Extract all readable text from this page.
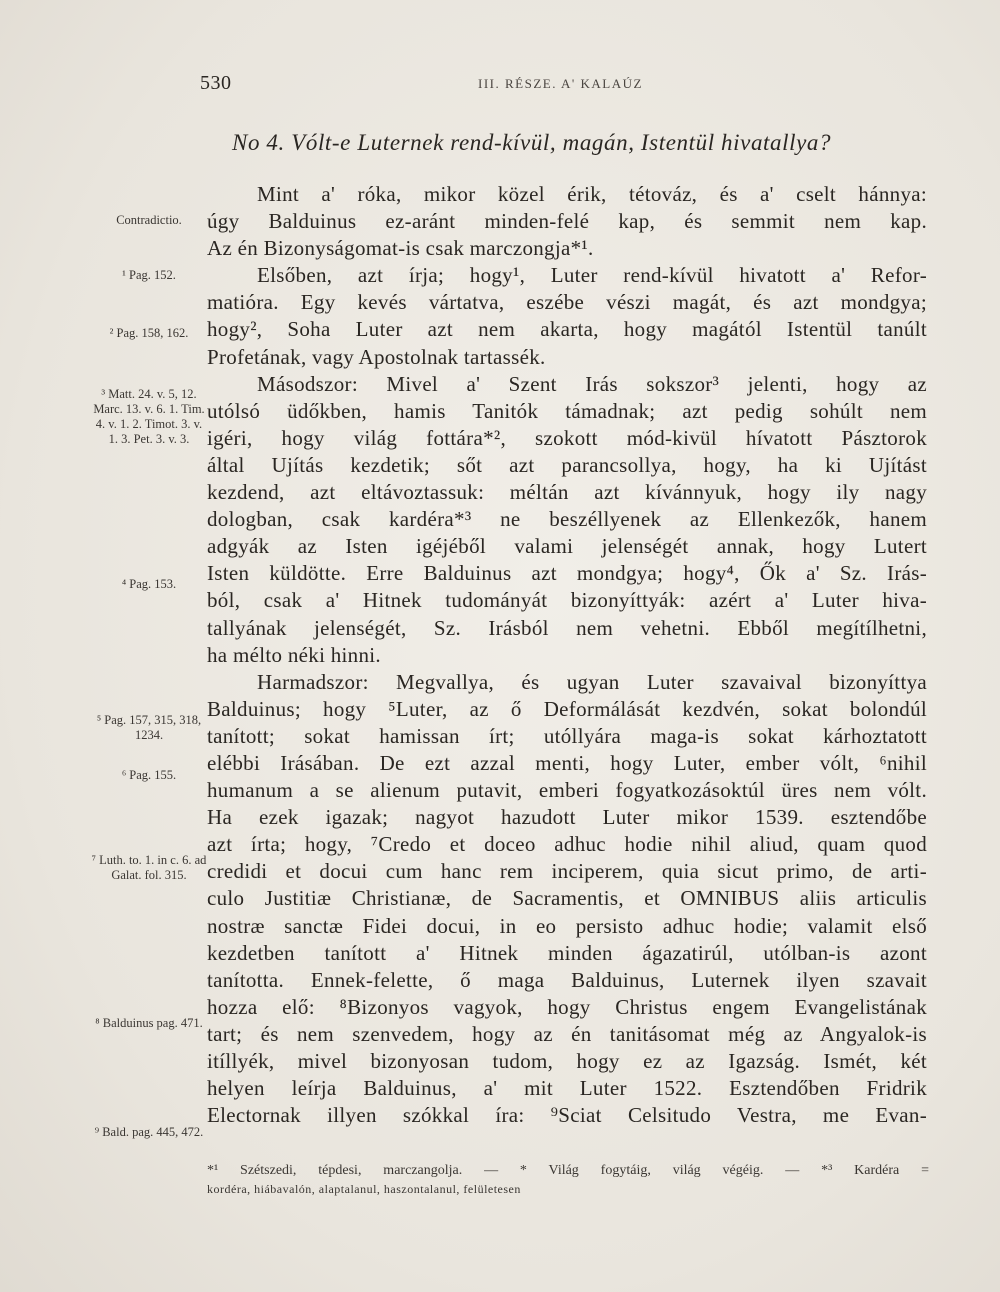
530	III. RÉSZE. A' KALAÚZ
No 4. Vólt-e Luternek rend-kívül, magán, Istentül hivatallya?
Contradictio.
¹ Pag. 152.
² Pag. 158, 162.
³ Matt. 24. v. 5, 12. Marc. 13. v. 6. 1. Tim. 4. v. 1. 2. Timot. 3. v. 1. 3. Pet. 3. v. 3.
⁴ Pag. 153.
⁵ Pag. 157, 315, 318, 1234.
⁶ Pag. 155.
⁷ Luth. to. 1. in c. 6. ad Galat. fol. 315.
⁸ Balduinus pag. 471.
⁹ Bald. pag. 445, 472.
Mint a' róka, mikor közel érik, tétováz, és a' cselt hánnya:
úgy Balduinus ez-aránt minden-felé kap, és semmit nem kap.
Az én Bizonyságomat-is csak marczongja*¹.
Elsőben, azt írja; hogy¹, Luter rend-kívül hivatott a' Refor-
matióra. Egy kevés vártatva, eszébe vészi magát, és azt mondgya;
hogy², Soha Luter azt nem akarta, hogy magától Istentül tanúlt
Profetának, vagy Apostolnak tartassék.
Másodszor: Mivel a' Szent Irás sokszor³ jelenti, hogy az
utólsó üdőkben, hamis Tanitók támadnak; azt pedig sohúlt nem
igéri, hogy világ fottára*², szokott mód-kivül hívatott Pásztorok
által Ujítás kezdetik; sőt azt parancsollya, hogy, ha ki Ujítást
kezdend, azt eltávoztassuk: méltán azt kívánnyuk, hogy ily nagy
dologban, csak kardéra*³ ne beszéllyenek az Ellenkezők, hanem
adgyák az Isten igéjéből valami jelenségét annak, hogy Lutert
Isten küldötte. Erre Balduinus azt mondgya; hogy⁴, Ők a' Sz. Irás-
ból, csak a' Hitnek tudományát bizonyíttyák: azért a' Luter hiva-
tallyának jelenségét, Sz. Irásból nem vehetni. Ebből megítílhetni,
ha mélto néki hinni.
Harmadszor: Megvallya, és ugyan Luter szavaival bizonyíttya
Balduinus; hogy ⁵Luter, az ő Deformálását kezdvén, sokat bolondúl
tanított; sokat hamissan írt; utóllyára maga-is sokat kárhoztatott
elébbi Irásában. De ezt azzal menti, hogy Luter, ember vólt, ⁶nihil
humanum a se alienum putavit, emberi fogyatkozásoktúl üres nem vólt.
Ha ezek igazak; nagyot hazudott Luter mikor 1539. esztendőbe
azt írta; hogy, ⁷Credo et doceo adhuc hodie nihil aliud, quam quod
credidi et docui cum hanc rem inciperem, quia sicut primo, de arti-
culo Justitiæ Christianæ, de Sacramentis, et OMNIBUS aliis articulis
nostræ sanctæ Fidei docui, in eo persisto adhuc hodie; valamit első
kezdetben tanított a' Hitnek minden ágazatirúl, utólban-is azont
tanította. Ennek-felette, ő maga Balduinus, Luternek ilyen szavait
hozza elő: ⁸Bizonyos vagyok, hogy Christus engem Evangelistának
tart; és nem szenvedem, hogy az én tanitásomat még az Angyalok-is
itíllyék, mivel bizonyosan tudom, hogy ez az Igazság. Ismét, két
helyen leírja Balduinus, a' mit Luter 1522. Esztendőben Fridrik
Electornak illyen szókkal íra: ⁹Sciat Celsitudo Vestra, me Evan-
*¹ Szétszedi, tépdesi, marczangolja. — * Világ fogytáig, világ végéig. — *³ Kardéra =
kordéra, hiábavalón, alaptalanul, haszontalanul, felületesen
